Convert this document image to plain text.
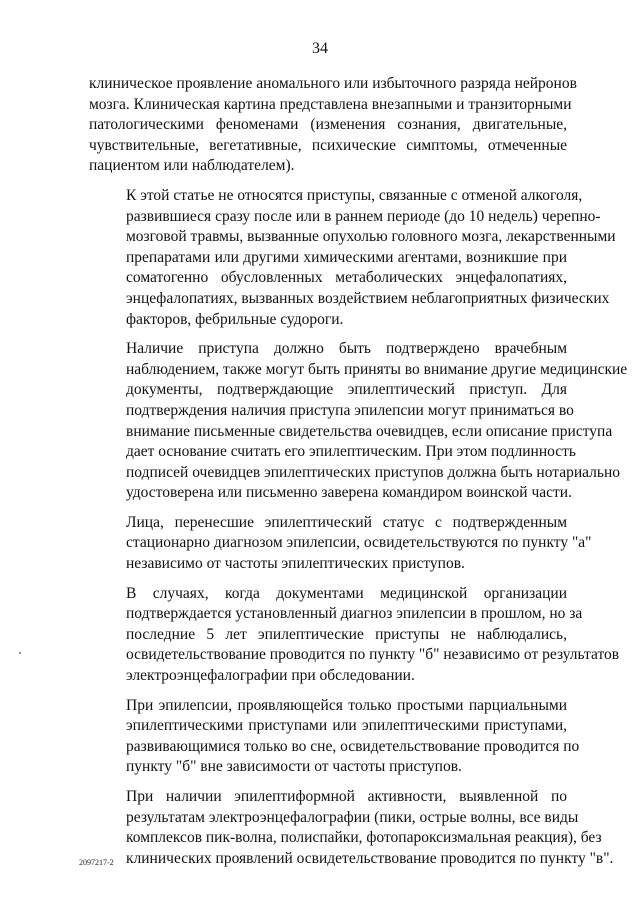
34

клиническое проявление аномального или избыточного разряда нейронов
мозга. Клиническая картина представлена внезапными и транзиторными
патологическими феноменами (изменения сознания, двигательные,
чувствительные, вегетативные, психические симптомы, отмеченные
пациентом или наблюдателем).

К этой статье не относятся приступы, связанные с отменой алкоголя,
развившиеся сразу после или в раннем периоде (до 10 недель) черепно-
мозговой травмы, вызванные опухолью головного мозга, лекарственными
препаратами или другими химическими агентами, возникшие при
соматогенно обусловленных метаболических энцефалопатиях,
энцефалопатиях, вызванных воздействием неблагоприятных физических
факторов, фебрильные судороги.

Наличие приступа должно быть подтверждено врачебным
наблюдением, также могут быть приняты во внимание другие медицинские
документы, подтверждающие эпилептический приступ. Для
подтверждения наличия приступа эпилепсии могут приниматься во
внимание письменные свидетельства очевидцев, если описание приступа
дает основание считать его эпилептическим. При этом подлинность
подписей очевидцев эпилептических приступов должна быть нотариально
удостоверена или письменно заверена командиром воинской части.

Лица, перенесшие эпилептический статус с подтвержденным
стационарно диагнозом эпилепсии, освидетельствуются по пункту "а"
независимо от частоты эпилептических приступов.

В случаях, когда документами медицинской организации
подтверждается установленный диагноз эпилепсии в прошлом, но за
последние 5 лет эпилептические приступы не наблюдались,
освидетельствование проводится по пункту "б" независимо от результатов
электроэнцефалографии при обследовании.

При эпилепсии, проявляющейся только простыми парциальными
эпилептическими приступами или эпилептическими приступами,
развивающимися только во сне, освидетельствование проводится по
пункту "б" вне зависимости от частоты приступов.

При наличии эпилептиформной активности, выявленной по
результатам электроэнцефалографии (пики, острые волны, все виды
комплексов пик-волна, полиспайки, фотопароксизмальная реакция), без
клинических проявлений освидетельствование проводится по пункту "в".

2097217-2
